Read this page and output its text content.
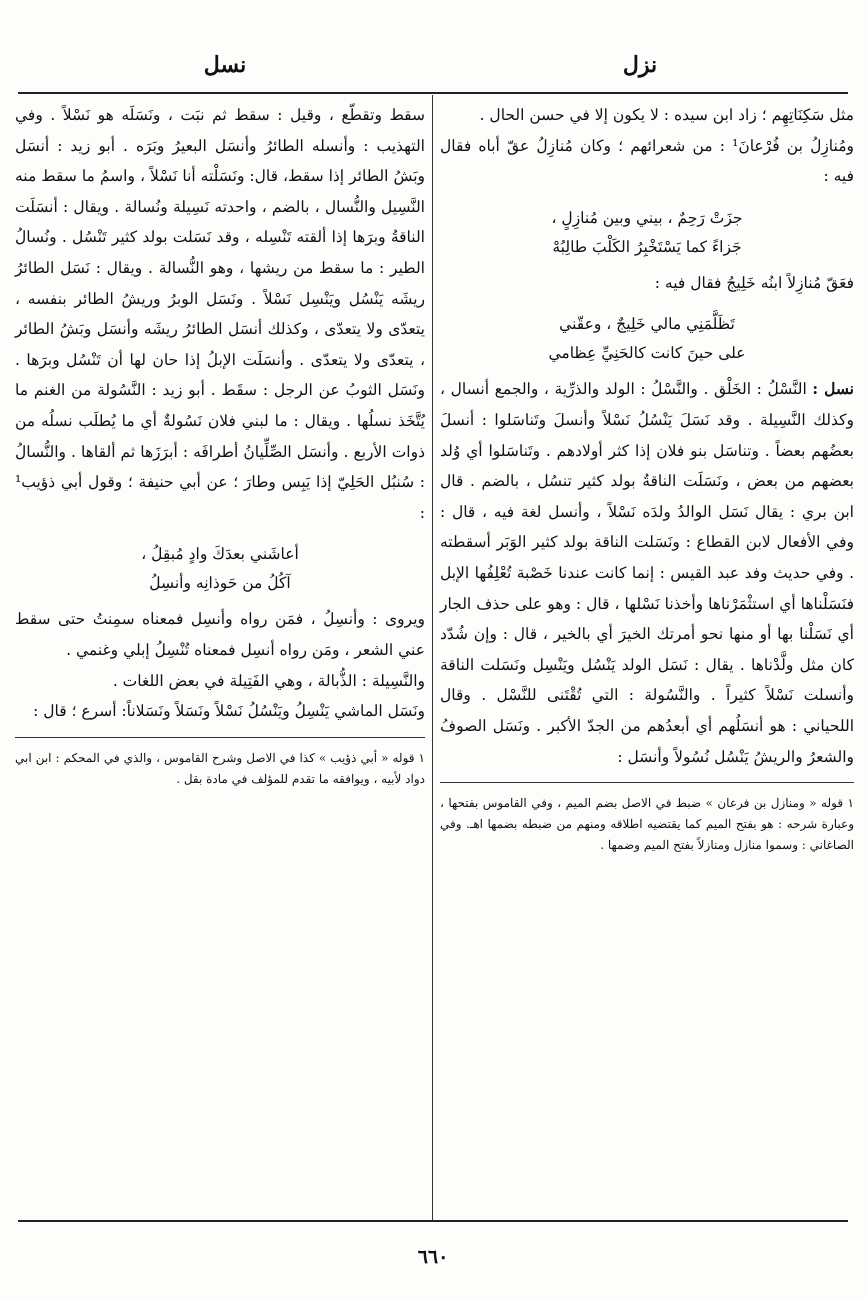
نزل
نسل

مثل سَكِنَاتِهِم ؛ زاد ابن سيده : لا يكون إلا في حسن الحال .

ومُنازِلُ بن فُرْعانَ¹ : من شعرائهم ؛ وكان مُنازِلُ عقّ أباه فقال فيه :

جزَتْ رَحِمٌ ، بيني وبين مُنازِلٍ ،
جَزاءً كما يَسْتَخْبِرُ الكَلْبَ طالِبُهْ

فعَقّ مُنازِلاً ابنُه خَلِيجُ فقال فيه :

تَظَلَّمَنِي مالي خَلِيجٌ ، وعقّني
على حينَ كانت كالحَنِيِّ عِظامي

نسل : النَّسْلُ : الخَلْق . والنَّسْلُ : الولد والذرِّية ، والجمع أنسال ، وكذلك النَّسِيلة . وقد نَسَلَ يَنْسُلُ نَسْلاً وأنسلَ وتَناسَلوا : أنسلَ بعضُهم بعضاً . وتناسَل بنو فلان إذا كثر أولادهم . وتَناسَلوا أي وُلد بعضهم من بعض ، ونَسَلَت الناقةُ بولد كثير تنسُل ، بالضم . قال ابن بري : يقال نَسَل الوالدُ ولدَه نَسْلاً ، وأنسل لغة فيه ، قال : وفي الأفعال لابن القطاع : ونَسَلت الناقة بولد كثير الوَبَر أسقطته . وفي حديث وفد عبد القيس : إنما كانت عندنا خَصْبة تُعْلِفُها الإبل فنَسَلْناها أي استثْمَرْناها وأخذنا نَسْلها ، قال : وهو على حذف الجار أي نَسَلْنا بها أو منها نحو أمرتك الخيرَ أي بالخير ، قال : وإن شُدّد كان مثل ولَّدْناها . يقال : نَسَل الولد يَنْسُل ويَنْسِل ونَسَلت الناقة وأنسلت نَسْلاً كثيراً . والنَّسُولة : التي تُقْتَنى للنَّسْل . وقال اللحياني : هو أنسَلُهم أي أبعدُهم من الجدّ الأكبر . ونَسَل الصوفُ والشعرُ والريشُ يَنْسُل نُسُولاً وأنسَل :

١ قوله « ومنازل بن فرعان » ضبط في الاصل بضم الميم ، وفي القاموس بفتحها ، وعبارة شرحه : هو بفتح الميم كما يقتضيه اطلاقه ومنهم من ضبطه بضمها اهـ. وفي الصاغاني : وسموا منازل ومنازلاً بفتح الميم وضمها .

سقط وتقطّع ، وقيل : سقط ثم نبَت ، ونَسَلَه هو نَسْلاً . وفي التهذيب : وأنسله الطائرُ وأنسَل البعيرُ وبَرَه . أبو زيد : أنسَل وبَشُ الطائر إذا سقط، قال: ونَسَلْته أنا نَسْلاً ، واسمُ ما سقط منه النَّسِيل والنُّسال ، بالضم ، واحدته نَسِيلة ونُسالة . ويقال : أنسَلَت الناقةُ وبرَها إذا ألقته تَنْسِله ، وقد نَسَلت بولد كثير تَنْسُل . ونُسالُ الطير : ما سقط من ريشها ، وهو النُّسالة . ويقال : نَسَل الطائرُ ريشَه يَنْسُل ويَنْسِل نَسْلاً . ونَسَل الوبرُ وريشُ الطائر بنفسه ، يتعدّى ولا يتعدّى ، وكذلك أنسَل الطائرُ ريشَه وأنسَل وبَشُ الطائر ، يتعدّى ولا يتعدّى . وأنسَلَت الإبلُ إذا حان لها أن تَنْسُل وبرَها . ونَسَل الثوبُ عن الرجل : سقَط . أبو زيد : النَّسُولة من الغنم ما يُتَّخَذ نسلُها . ويقال : ما لبني فلان نَسُولةٌ أي ما يُطلَب نسلُه من ذوات الأربع . وأنسَل الصِّلِّيانُ أطرافَه : أبرَزَها ثم ألقاها . والنُّسالُ : سُنبُل الحَلِيّ إذا يَبِس وطارَ ؛ عن أبي حنيفة ؛ وقول أبي ذؤيب¹ :

أعاشَني بعدَكَ وادٍ مُبقِلُ ،
آكُلُ من حَوذانِه وأنسِلُ

ويروى : وأنسِلُ ، فمَن رواه وأنسِل فمعناه سمِنتُ حتى سقط عني الشعر ، ومَن رواه أنسِل فمعناه تُنْسِلُ إبلي وغنمي .

والنَّسِيلة : الذُّبالة ، وهي الفَتِيلة في بعض اللغات .

ونَسَل الماشي يَنْسِلُ ويَنْسُلُ نَسْلاً ونَسَلاً ونَسَلاناً: أسرع ؛ قال :

١ قوله « أبي ذؤيب » كذا في الاصل وشرح القاموس ، والذي في المحكم : ابن ابي دواد لأبيه ، ويوافقه ما تقدم للمؤلف في مادة بقل .

٦٦٠
